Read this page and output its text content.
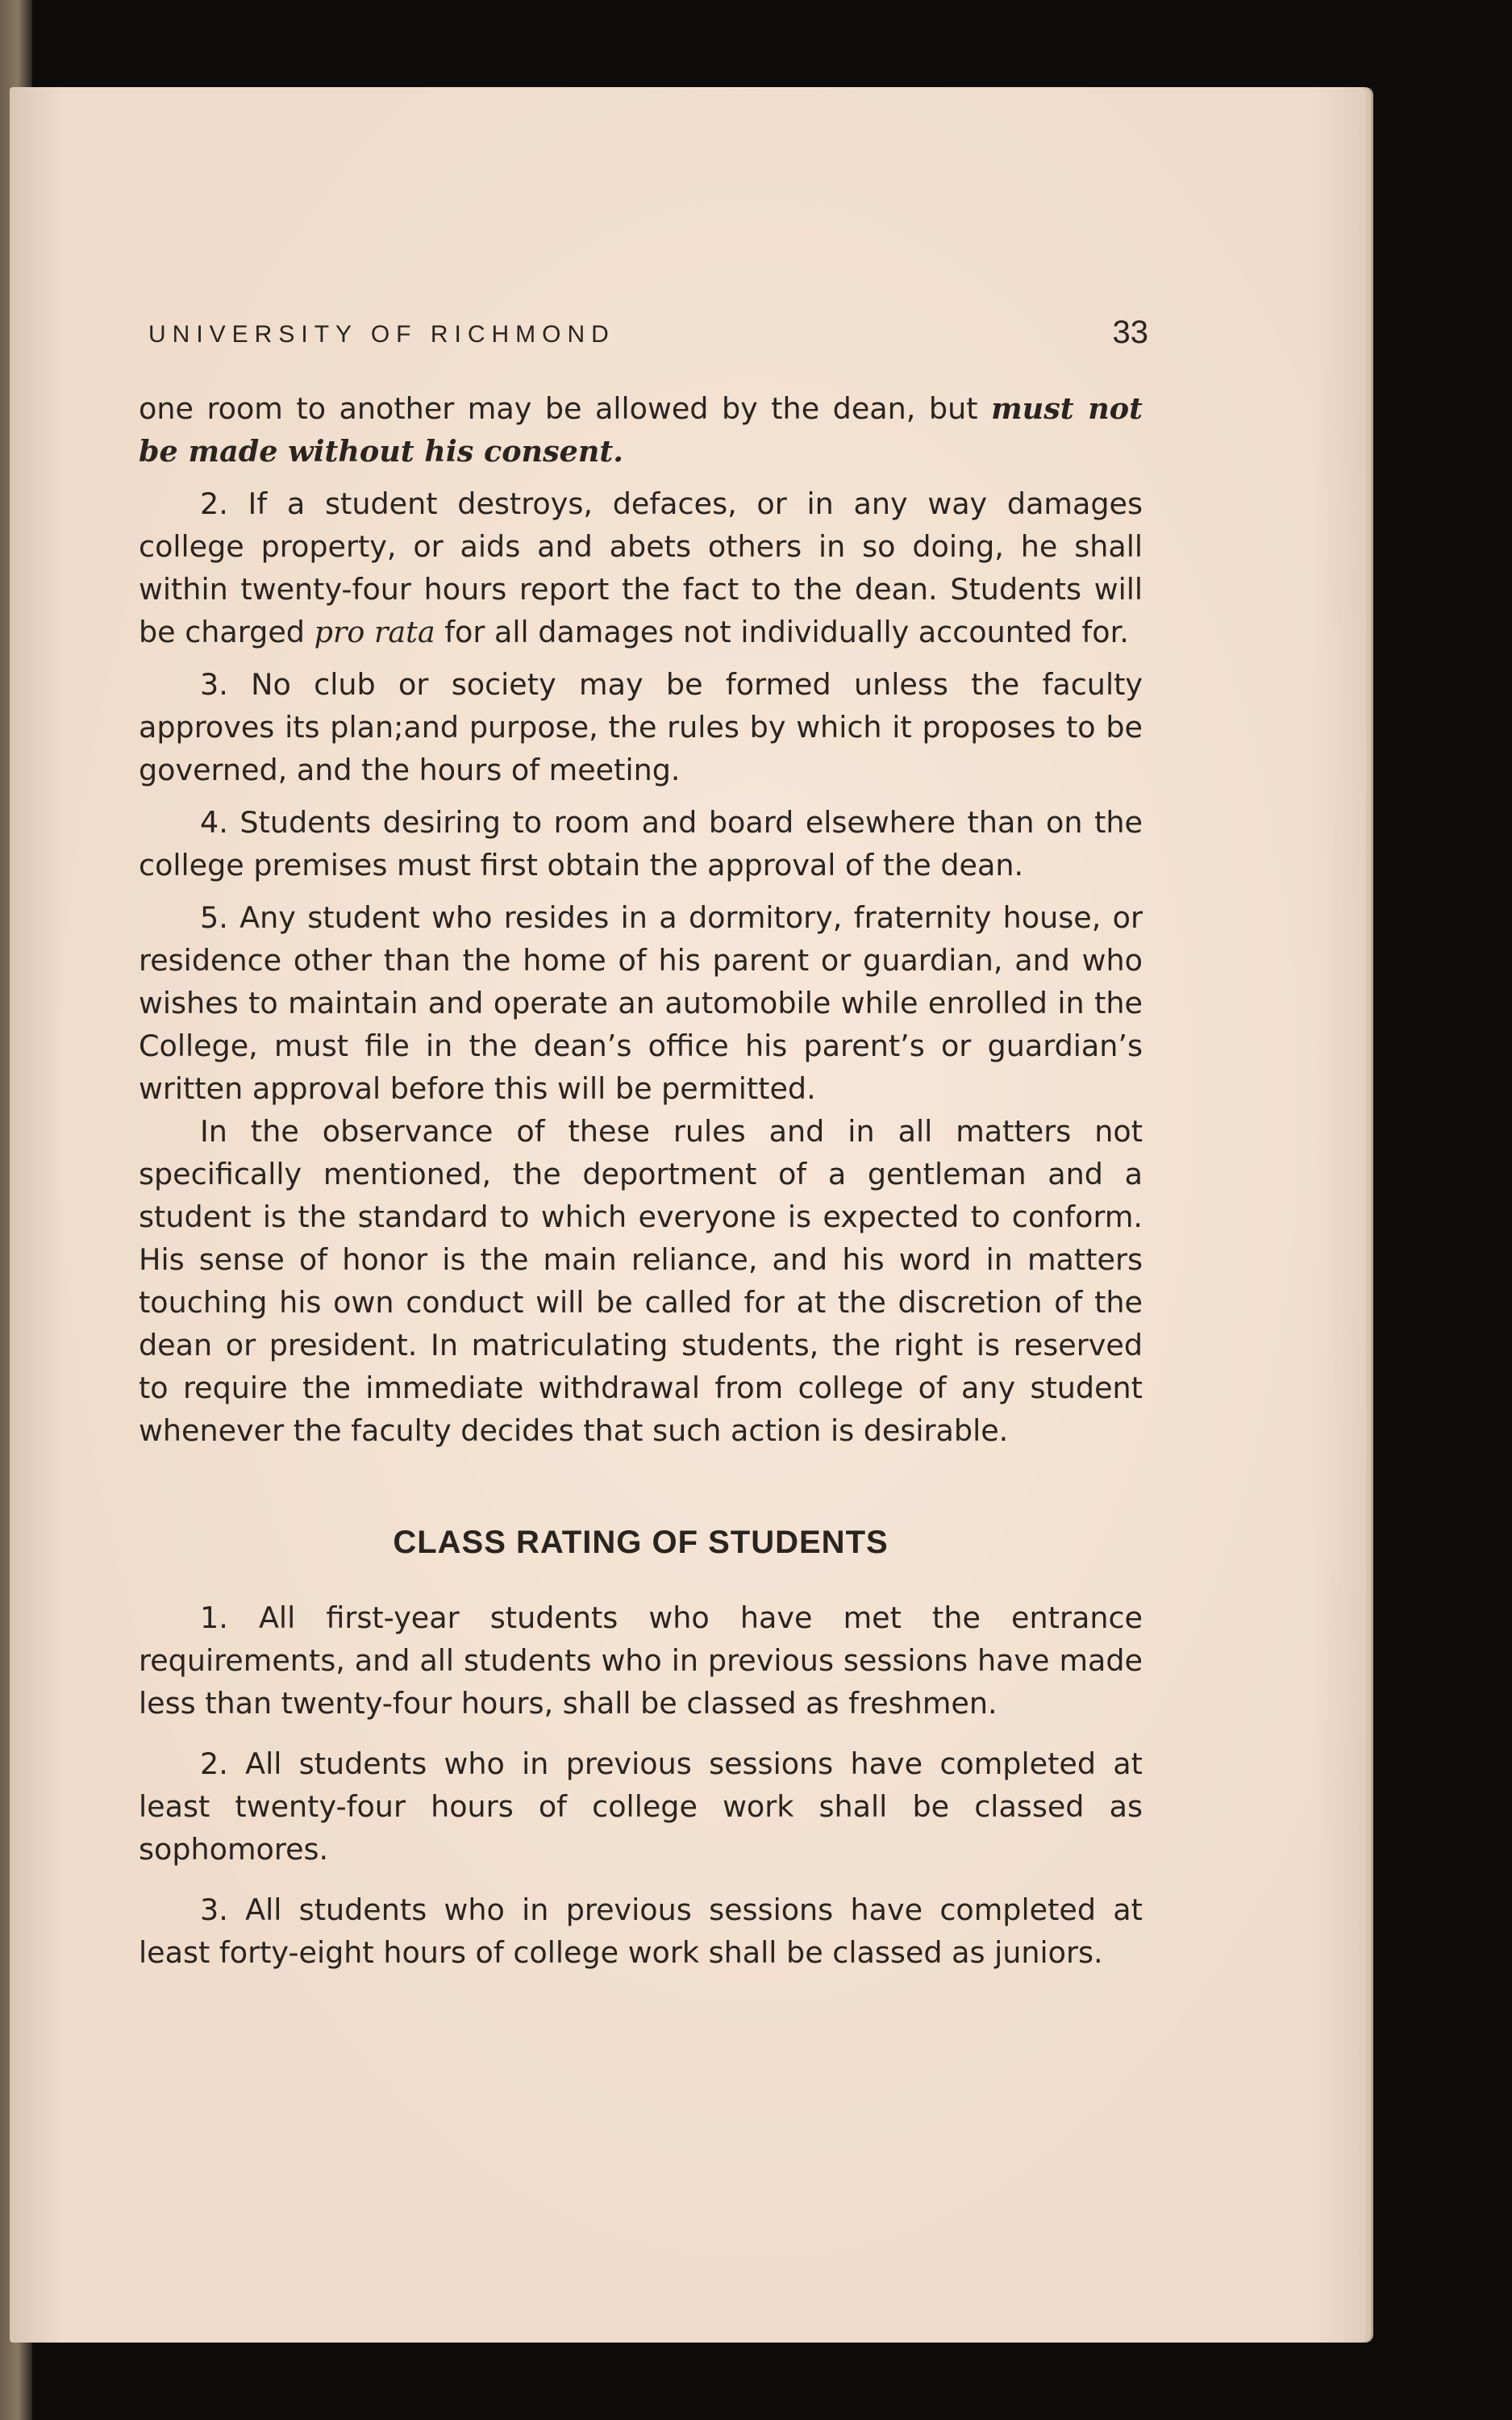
UNIVERSITY OF RICHMOND	33

one room to another may be allowed by the dean, but must not be made without his consent.

2. If a student destroys, defaces, or in any way damages college property, or aids and abets others in so doing, he shall within twenty-four hours report the fact to the dean. Students will be charged pro rata for all damages not individually accounted for.

3. No club or society may be formed unless the faculty approves its plan;and purpose, the rules by which it proposes to be governed, and the hours of meeting.

4. Students desiring to room and board elsewhere than on the college premises must first obtain the approval of the dean.

5. Any student who resides in a dormitory, fraternity house, or residence other than the home of his parent or guardian, and who wishes to maintain and operate an automobile while enrolled in the College, must file in the dean’s office his parent’s or guardian’s written approval before this will be permitted.

In the observance of these rules and in all matters not specifically mentioned, the deportment of a gentleman and a student is the standard to which everyone is expected to conform. His sense of honor is the main reliance, and his word in matters touching his own conduct will be called for at the discretion of the dean or president. In matriculating students, the right is reserved to require the immediate withdrawal from college of any student whenever the faculty decides that such action is desirable.

CLASS RATING OF STUDENTS

1. All first-year students who have met the entrance requirements, and all students who in previous sessions have made less than twenty-four hours, shall be classed as freshmen.

2. All students who in previous sessions have completed at least twenty-four hours of college work shall be classed as sophomores.

3. All students who in previous sessions have completed at least forty-eight hours of college work shall be classed as juniors.
